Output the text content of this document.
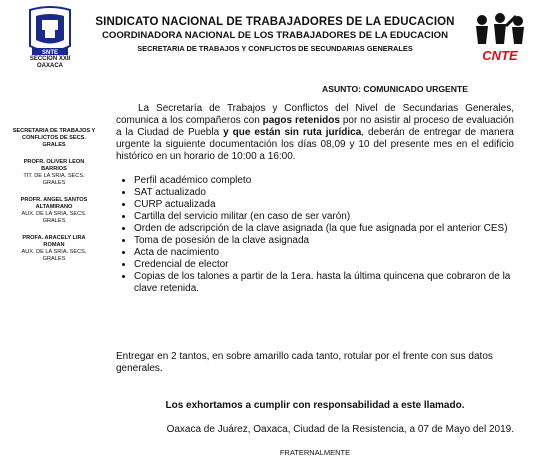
SNTE
SECCION XXII
OAXACA
SINDICATO NACIONAL DE TRABAJADORES DE LA EDUCACION
COORDINADORA NACIONAL DE LOS TRABAJADORES DE LA EDUCACION
SECRETARIA DE TRABAJOS Y CONFLICTOS DE SECUNDARIAS GENERALES	CNTE
ASUNTO: COMUNICADO URGENTE
SECRETARIA DE TRABAJOS Y CONFLICTOS DE SECS. GRALES
PROFR. OLIVER LEON BARRIOS
TIT. DE LA SRIA. SECS. GRALES
PROFR. ANGEL SANTOS ALTAMIRANO
AUX. DE LA SRIA. SECS. GRALES
PROFA. ARACELY LIRA ROMAN
AUX. DE LA SRIA. SECS. GRALES
La Secretaría de Trabajos y Conflictos del Nivel de Secundarias Generales, comunica a los compañeros con pagos retenidos por no asistir al proceso de evaluación a la Ciudad de Puebla y que están sin ruta jurídica, deberán de entregar de manera urgente la siguiente documentación los días 08,09 y 10 del presente mes en el edificio histórico en un horario de 10:00 a 16:00.
• Perfil académico completo
• SAT actualizado
• CURP actualizada
• Cartilla del servicio militar (en caso de ser varón)
• Orden de adscripción de la clave asignada (la que fue asignada por el anterior CES)
• Toma de posesión de la clave asignada
• Acta de nacimiento
• Credencial de elector
• Copias de los talones a partir de la 1era. hasta la última quincena que cobraron de la clave retenida.
Entregar en 2 tantos, en sobre amarillo cada tanto, rotular por el frente con sus datos generales.
Los exhortamos a cumplir con responsabilidad a este llamado.
Oaxaca de Juárez, Oaxaca, Ciudad de la Resistencia, a 07 de Mayo del 2019.
FRATERNALMENTE
